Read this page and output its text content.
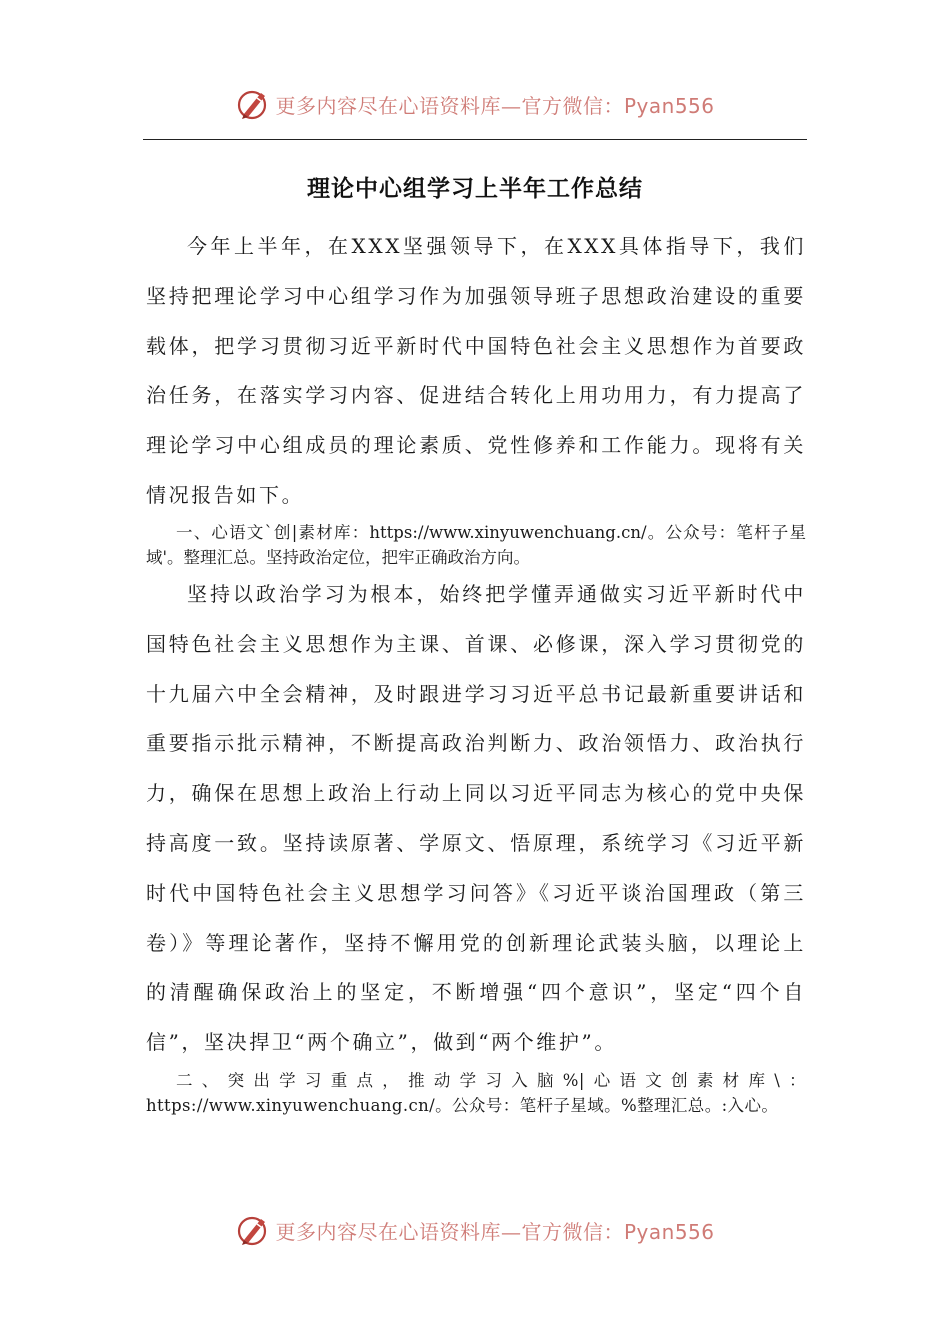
更多内容尽在心语资料库—官方微信：Pyan556
理论中心组学习上半年工作总结

今年上半年，在XXX坚强领导下，在XXX具体指导下，我们坚持把理论学习中心组学习作为加强领导班子思想政治建设的重要载体，把学习贯彻习近平新时代中国特色社会主义思想作为首要政治任务，在落实学习内容、促进结合转化上用功用力，有力提高了理论学习中心组成员的理论素质、党性修养和工作能力。现将有关情况报告如下。

一、心语文`创|素材库：https://www.xinyuwenchuang.cn/。公众号：笔杆子星域'。整理汇总。坚持政治定位，把牢正确政治方向。

坚持以政治学习为根本，始终把学懂弄通做实习近平新时代中国特色社会主义思想作为主课、首课、必修课，深入学习贯彻党的十九届六中全会精神，及时跟进学习习近平总书记最新重要讲话和重要指示批示精神，不断提高政治判断力、政治领悟力、政治执行力，确保在思想上政治上行动上同以习近平同志为核心的党中央保持高度一致。坚持读原著、学原文、悟原理，系统学习《习近平新时代中国特色社会主义思想学习问答》《习近平谈治国理政（第三卷）》等理论著作，坚持不懈用党的创新理论武装头脑，以理论上的清醒确保政治上的坚定，不断增强“四个意识”，坚定“四个自信”，坚决捍卫“两个确立”，做到“两个维护”。

二、突出学习重点，推动学习入脑%|心语文创素材库\：https://www.xinyuwenchuang.cn/。公众号：笔杆子星域。%整理汇总。:入心。

更多内容尽在心语资料库—官方微信：Pyan556
